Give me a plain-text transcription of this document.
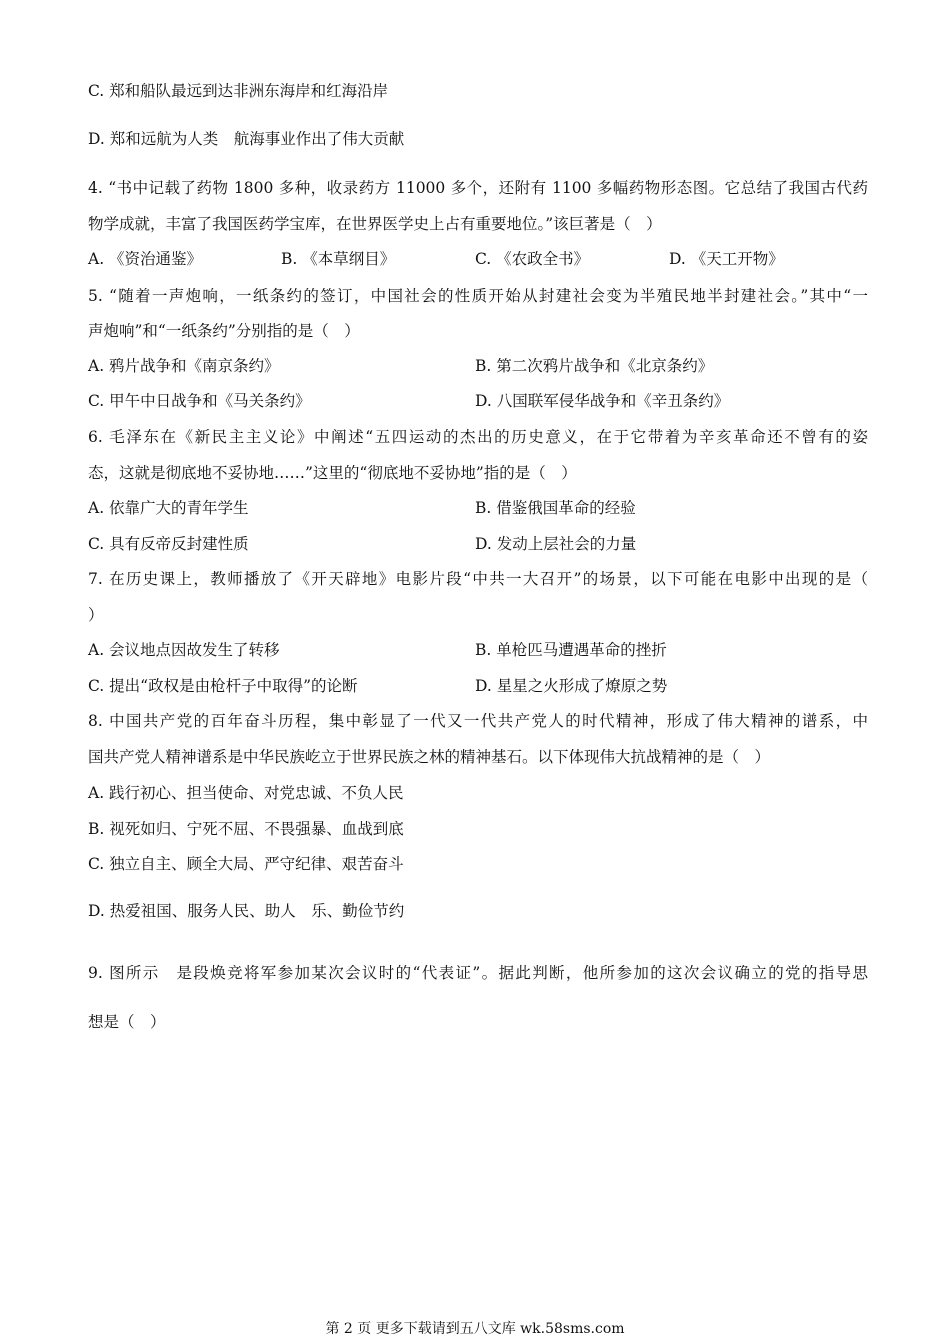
C. 郑和船队最远到达非洲东海岸和红海沿岸
D. 郑和远航为人类　航海事业作出了伟大贡献
4. “书中记载了药物 1800 多种，收录药方 11000 多个，还附有 1100 多幅药物形态图。它总结了我国古代药
物学成就，丰富了我国医药学宝库，在世界医学史上占有重要地位。”该巨著是（　）
A. 《资治通鉴》	B. 《本草纲目》	C. 《农政全书》	D. 《天工开物》
5. “随着一声炮响，一纸条约的签订，中国社会的性质开始从封建社会变为半殖民地半封建社会。”其中“一
声炮响”和“一纸条约”分别指的是（　）
A. 鸦片战争和《南京条约》	B. 第二次鸦片战争和《北京条约》
C. 甲午中日战争和《马关条约》	D. 八国联军侵华战争和《辛丑条约》
6. 毛泽东在《新民主主义论》中阐述“五四运动的杰出的历史意义，在于它带着为辛亥革命还不曾有的姿
态，这就是彻底地不妥协地……”这里的“彻底地不妥协地”指的是（　）
A. 依靠广大的青年学生	B. 借鉴俄国革命的经验
C. 具有反帝反封建性质	D. 发动上层社会的力量
7. 在历史课上，教师播放了《开天辟地》电影片段“中共一大召开”的场景，以下可能在电影中出现的是（
）
A. 会议地点因故发生了转移	B. 单枪匹马遭遇革命的挫折
C. 提出“政权是由枪杆子中取得”的论断	D. 星星之火形成了燎原之势
8. 中国共产党的百年奋斗历程，集中彰显了一代又一代共产党人的时代精神，形成了伟大精神的谱系，中
国共产党人精神谱系是中华民族屹立于世界民族之林的精神基石。以下体现伟大抗战精神的是（　）
A. 践行初心、担当使命、对党忠诚、不负人民
B. 视死如归、宁死不屈、不畏强暴、血战到底
C. 独立自主、顾全大局、严守纪律、艰苦奋斗
D. 热爱祖国、服务人民、助人　乐、勤俭节约
9. 图所示　是段焕竞将军参加某次会议时的“代表证”。据此判断，他所参加的这次会议确立的党的指导思
想是（　）
第 2 页 更多下载请到五八文库 wk.58sms.com
